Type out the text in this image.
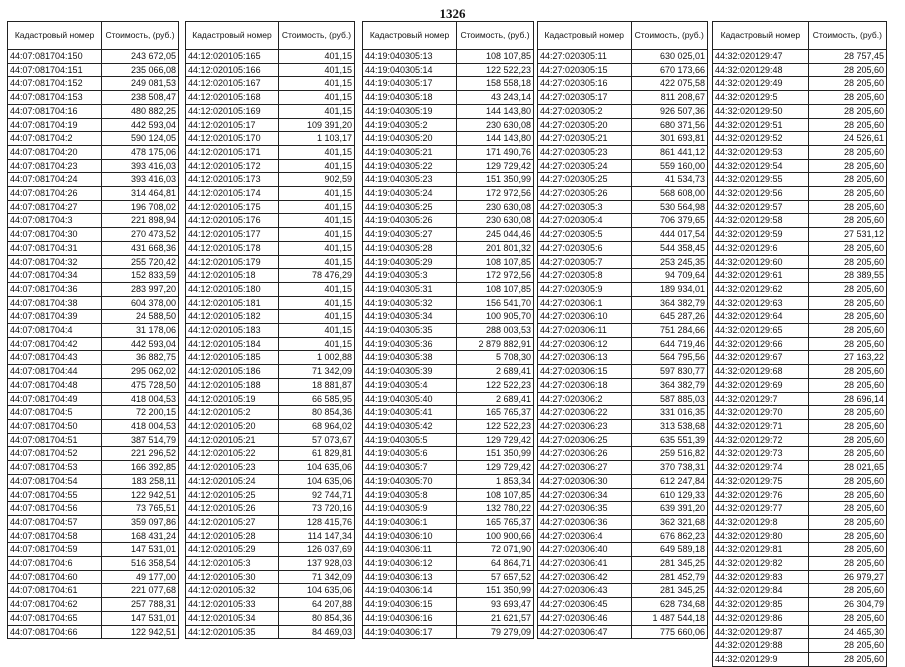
1326
Кадастровый номер	Стоимость, (руб.)
44:07:081704:150	243 672,05
44:07:081704:151	235 066,08
44:07:081704:152	249 081,53
44:07:081704:153	238 508,47
44:07:081704:16	480 882,25
44:07:081704:19	442 593,04
44:07:081704:2	590 124,05
44:07:081704:20	478 175,06
44:07:081704:23	393 416,03
44:07:081704:24	393 416,03
44:07:081704:26	314 464,81
44:07:081704:27	196 708,02
44:07:081704:3	221 898,94
44:07:081704:30	270 473,52
44:07:081704:31	431 668,36
44:07:081704:32	255 720,42
44:07:081704:34	152 833,59
44:07:081704:36	283 997,20
44:07:081704:38	604 378,00
44:07:081704:39	24 588,50
44:07:081704:4	31 178,06
44:07:081704:42	442 593,04
44:07:081704:43	36 882,75
44:07:081704:44	295 062,02
44:07:081704:48	475 728,50
44:07:081704:49	418 004,53
44:07:081704:5	72 200,15
44:07:081704:50	418 004,53
44:07:081704:51	387 514,79
44:07:081704:52	221 296,52
44:07:081704:53	166 392,85
44:07:081704:54	183 258,11
44:07:081704:55	122 942,51
44:07:081704:56	73 765,51
44:07:081704:57	359 097,86
44:07:081704:58	168 431,24
44:07:081704:59	147 531,01
44:07:081704:6	516 358,54
44:07:081704:60	49 177,00
44:07:081704:61	221 077,68
44:07:081704:62	257 788,31
44:07:081704:65	147 531,01
44:07:081704:66	122 942,51
Кадастровый номер	Стоимость, (руб.)
44:12:020105:165	401,15
44:12:020105:166	401,15
44:12:020105:167	401,15
44:12:020105:168	401,15
44:12:020105:169	401,15
44:12:020105:17	109 391,20
44:12:020105:170	1 103,17
44:12:020105:171	401,15
44:12:020105:172	401,15
44:12:020105:173	902,59
44:12:020105:174	401,15
44:12:020105:175	401,15
44:12:020105:176	401,15
44:12:020105:177	401,15
44:12:020105:178	401,15
44:12:020105:179	401,15
44:12:020105:18	78 476,29
44:12:020105:180	401,15
44:12:020105:181	401,15
44:12:020105:182	401,15
44:12:020105:183	401,15
44:12:020105:184	401,15
44:12:020105:185	1 002,88
44:12:020105:186	71 342,09
44:12:020105:188	18 881,87
44:12:020105:19	66 585,95
44:12:020105:2	80 854,36
44:12:020105:20	68 964,02
44:12:020105:21	57 073,67
44:12:020105:22	61 829,81
44:12:020105:23	104 635,06
44:12:020105:24	104 635,06
44:12:020105:25	92 744,71
44:12:020105:26	73 720,16
44:12:020105:27	128 415,76
44:12:020105:28	114 147,34
44:12:020105:29	126 037,69
44:12:020105:3	137 928,03
44:12:020105:30	71 342,09
44:12:020105:32	104 635,06
44:12:020105:33	64 207,88
44:12:020105:34	80 854,36
44:12:020105:35	84 469,03
Кадастровый номер	Стоимость, (руб.)
44:19:040305:13	108 107,85
44:19:040305:14	122 522,23
44:19:040305:17	158 558,18
44:19:040305:18	43 243,14
44:19:040305:19	144 143,80
44:19:040305:2	230 630,08
44:19:040305:20	144 143,80
44:19:040305:21	171 490,76
44:19:040305:22	129 729,42
44:19:040305:23	151 350,99
44:19:040305:24	172 972,56
44:19:040305:25	230 630,08
44:19:040305:26	230 630,08
44:19:040305:27	245 044,46
44:19:040305:28	201 801,32
44:19:040305:29	108 107,85
44:19:040305:3	172 972,56
44:19:040305:31	108 107,85
44:19:040305:32	156 541,70
44:19:040305:34	100 905,70
44:19:040305:35	288 003,53
44:19:040305:36	2 879 882,91
44:19:040305:38	5 708,30
44:19:040305:39	2 689,41
44:19:040305:4	122 522,23
44:19:040305:40	2 689,41
44:19:040305:41	165 765,37
44:19:040305:42	122 522,23
44:19:040305:5	129 729,42
44:19:040305:6	151 350,99
44:19:040305:7	129 729,42
44:19:040305:70	1 853,34
44:19:040305:8	108 107,85
44:19:040305:9	132 780,22
44:19:040306:1	165 765,37
44:19:040306:10	100 900,66
44:19:040306:11	72 071,90
44:19:040306:12	64 864,71
44:19:040306:13	57 657,52
44:19:040306:14	151 350,99
44:19:040306:15	93 693,47
44:19:040306:16	21 621,57
44:19:040306:17	79 279,09
Кадастровый номер	Стоимость, (руб.)
44:27:020305:11	630 025,01
44:27:020305:15	670 173,66
44:27:020305:16	422 075,58
44:27:020305:17	811 208,67
44:27:020305:2	926 507,36
44:27:020305:20	680 371,56
44:27:020305:21	301 693,81
44:27:020305:23	861 441,12
44:27:020305:24	559 160,00
44:27:020305:25	41 534,73
44:27:020305:26	568 608,00
44:27:020305:3	530 564,98
44:27:020305:4	706 379,65
44:27:020305:5	444 017,54
44:27:020305:6	544 358,45
44:27:020305:7	253 245,35
44:27:020305:8	94 709,64
44:27:020305:9	189 934,01
44:27:020306:1	364 382,79
44:27:020306:10	645 287,26
44:27:020306:11	751 284,66
44:27:020306:12	644 719,46
44:27:020306:13	564 795,56
44:27:020306:15	597 830,77
44:27:020306:18	364 382,79
44:27:020306:2	587 885,03
44:27:020306:22	331 016,35
44:27:020306:23	313 538,68
44:27:020306:25	635 551,39
44:27:020306:26	259 516,82
44:27:020306:27	370 738,31
44:27:020306:30	612 247,84
44:27:020306:34	610 129,33
44:27:020306:35	639 391,20
44:27:020306:36	362 321,68
44:27:020306:4	676 862,23
44:27:020306:40	649 589,18
44:27:020306:41	281 345,25
44:27:020306:42	281 452,79
44:27:020306:43	281 345,25
44:27:020306:45	628 734,68
44:27:020306:46	1 487 544,18
44:27:020306:47	775 660,06
Кадастровый номер	Стоимость, (руб.)
44:32:020129:47	28 757,45
44:32:020129:48	28 205,60
44:32:020129:49	28 205,60
44:32:020129:5	28 205,60
44:32:020129:50	28 205,60
44:32:020129:51	28 205,60
44:32:020129:52	24 526,61
44:32:020129:53	28 205,60
44:32:020129:54	28 205,60
44:32:020129:55	28 205,60
44:32:020129:56	28 205,60
44:32:020129:57	28 205,60
44:32:020129:58	28 205,60
44:32:020129:59	27 531,12
44:32:020129:6	28 205,60
44:32:020129:60	28 205,60
44:32:020129:61	28 389,55
44:32:020129:62	28 205,60
44:32:020129:63	28 205,60
44:32:020129:64	28 205,60
44:32:020129:65	28 205,60
44:32:020129:66	28 205,60
44:32:020129:67	27 163,22
44:32:020129:68	28 205,60
44:32:020129:69	28 205,60
44:32:020129:7	28 696,14
44:32:020129:70	28 205,60
44:32:020129:71	28 205,60
44:32:020129:72	28 205,60
44:32:020129:73	28 205,60
44:32:020129:74	28 021,65
44:32:020129:75	28 205,60
44:32:020129:76	28 205,60
44:32:020129:77	28 205,60
44:32:020129:8	28 205,60
44:32:020129:80	28 205,60
44:32:020129:81	28 205,60
44:32:020129:82	28 205,60
44:32:020129:83	26 979,27
44:32:020129:84	28 205,60
44:32:020129:85	26 304,79
44:32:020129:86	28 205,60
44:32:020129:87	24 465,30
44:32:020129:88	28 205,60
44:32:020129:9	28 205,60
